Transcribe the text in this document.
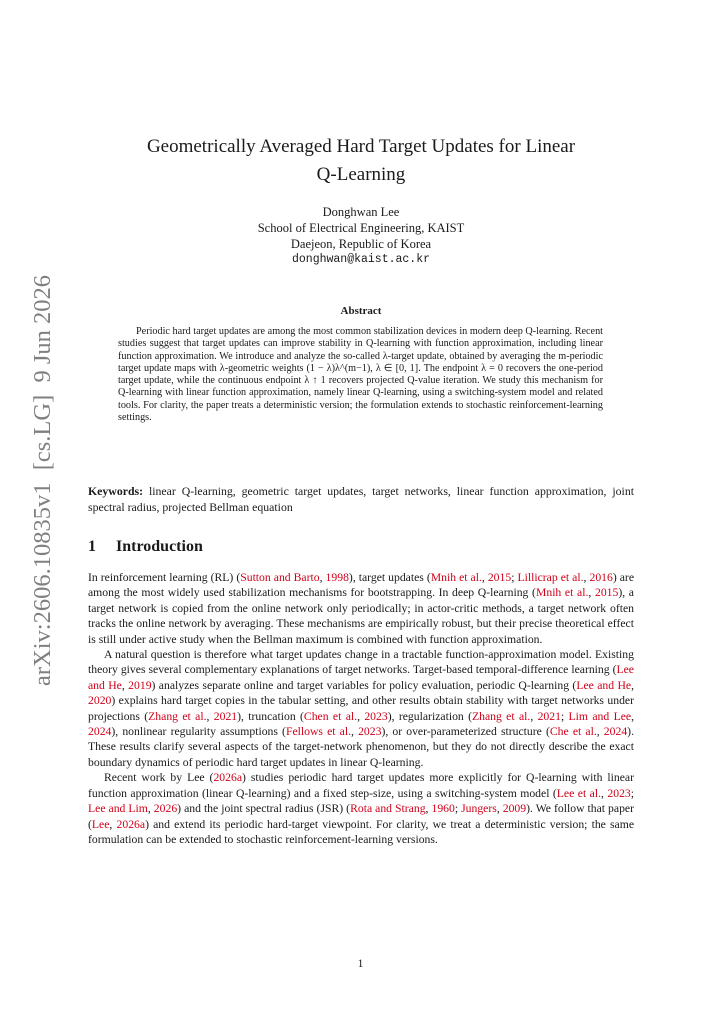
arXiv:2606.10835v1  [cs.LG]  9 Jun 2026
Geometrically Averaged Hard Target Updates for Linear
Q-Learning
Donghwan Lee
School of Electrical Engineering, KAIST
Daejeon, Republic of Korea
donghwan@kaist.ac.kr
Abstract

Periodic hard target updates are among the most common stabilization devices in modern deep Q-learning. Recent studies suggest that target updates can improve stability in Q-learning with function approximation, including linear function approximation. We introduce and analyze the so-called λ-target update, obtained by averaging the m-periodic target update maps with λ-geometric weights (1 − λ)λ^(m−1), λ ∈ [0, 1]. The endpoint λ = 0 recovers the one-period target update, while the continuous endpoint λ ↑ 1 recovers projected Q-value iteration. We study this mechanism for Q-learning with linear function approximation, namely linear Q-learning, using a switching-system model and related tools. For clarity, the paper treats a deterministic version; the formulation extends to stochastic reinforcement-learning settings.

Keywords: linear Q-learning, geometric target updates, target networks, linear function approximation, joint spectral radius, projected Bellman equation

1 Introduction

In reinforcement learning (RL) (Sutton and Barto, 1998), target updates (Mnih et al., 2015; Lillicrap et al., 2016) are among the most widely used stabilization mechanisms for bootstrapping. In deep Q-learning (Mnih et al., 2015), a target network is copied from the online network only periodically; in actor-critic methods, a target network often tracks the online network by averaging. These mechanisms are empirically robust, but their precise theoretical effect is still under active study when the Bellman maximum is combined with function approximation.

A natural question is therefore what target updates change in a tractable function-approximation model. Existing theory gives several complementary explanations of target networks. Target-based temporal-difference learning (Lee and He, 2019) analyzes separate online and target variables for policy evaluation, periodic Q-learning (Lee and He, 2020) explains hard target copies in the tabular setting, and other results obtain stability with target networks under projections (Zhang et al., 2021), truncation (Chen et al., 2023), regularization (Zhang et al., 2021; Lim and Lee, 2024), nonlinear regularity assumptions (Fellows et al., 2023), or over-parameterized structure (Che et al., 2024). These results clarify several aspects of the target-network phenomenon, but they do not directly describe the exact boundary dynamics of periodic hard target updates in linear Q-learning.

Recent work by Lee (2026a) studies periodic hard target updates more explicitly for Q-learning with linear function approximation (linear Q-learning) and a fixed step-size, using a switching-system model (Lee et al., 2023; Lee and Lim, 2026) and the joint spectral radius (JSR) (Rota and Strang, 1960; Jungers, 2009). We follow that paper (Lee, 2026a) and extend its periodic hard-target viewpoint. For clarity, we treat a deterministic version; the same formulation can be extended to stochastic reinforcement-learning versions.

1
